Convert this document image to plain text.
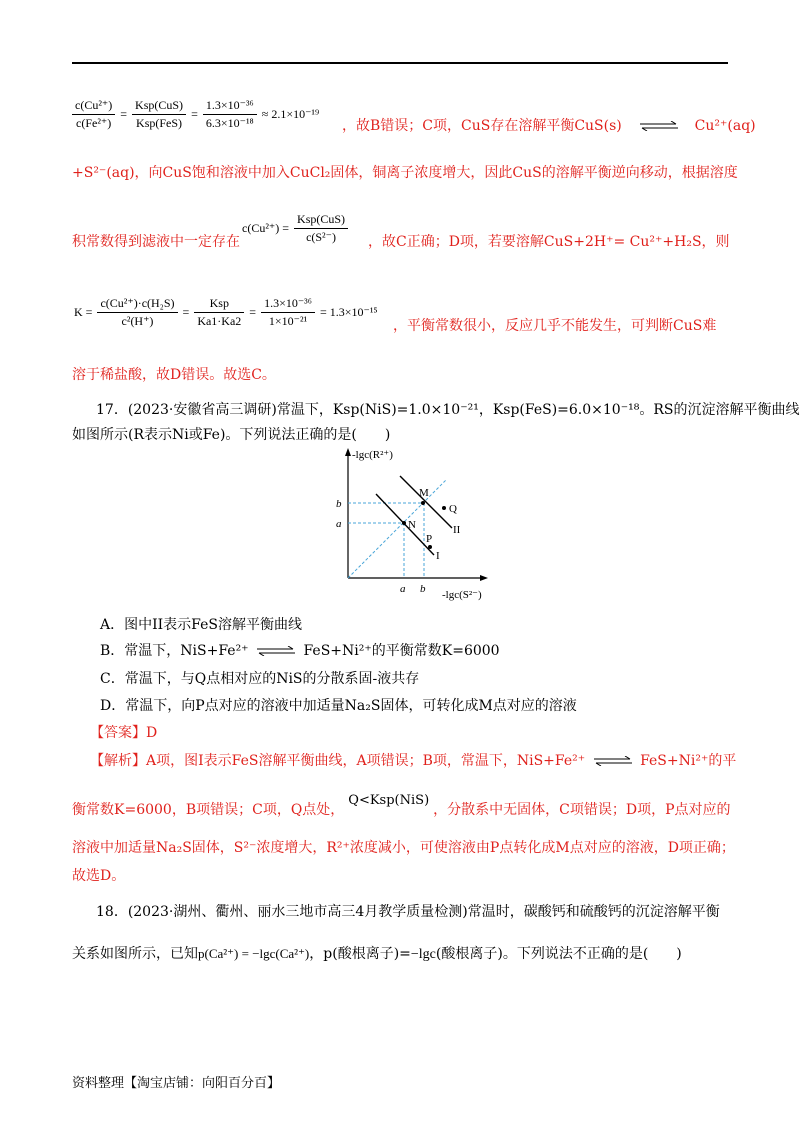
$\frac{\text{c(Cu²⁺)}}{\text{c(Fe²⁺)}} = \frac{\text{Ksp(CuS)}}{\text{Ksp(FeS)}} = \frac{\text{1.3×10⁻³⁶}}{\text{6.3×10⁻¹⁸}} \approx 2.1\times 10^{-19}$
，故B错误；C项，CuS存在溶解平衡CuS(s) ⇌ Cu²⁺(aq)
+S²⁻(aq)，向CuS饱和溶液中加入CuCl₂固体，铜离子浓度增大，因此CuS的溶解平衡逆向移动，根据溶度
积常数得到滤液中一定存在
$c(Cu^{2+}) = \frac{\text{Ksp(CuS)}}{\text{c(S²⁻)}}$ ，故C正确；D项，若要溶解CuS+2H⁺= Cu²⁺+H₂S，则
$K = \frac{\text{c(Cu²⁺)·c(H₂S)}}{\text{c²(H⁺)}} = \frac{\text{Ksp}}{Ka1\cdot Ka2} = \frac{\text{1.3×10⁻³⁶}}{\text{1×10⁻²¹}} = 1.3\times 10^{-15}$
，平衡常数很小，反应几乎不能发生，可判断CuS难
溶于稀盐酸，故D错误。故选C。
17．(2023·安徽省高三调研)常温下，Ksp(NiS)=1.0×10⁻²¹，Ksp(FeS)=6.0×10⁻¹⁸。RS的沉淀溶解平衡曲线
如图所示(R表示Ni或Fe)。下列说法正确的是(　　)
-lgc(R²⁺)
-lgc(S²⁻)
N
M
Q
P
I
II
b
a
a b
A．图中II表示FeS溶解平衡曲线
B．常温下，NiS+Fe²⁺ ⇌ FeS+Ni²⁺的平衡常数K=6000
C．常温下，与Q点相对应的NiS的分散系固-液共存
D．常温下，向P点对应的溶液中加适量Na₂S固体，可转化成M点对应的溶液
【答案】D
【解析】A项，图I表示FeS溶解平衡曲线，A项错误；B项，常温下，NiS+Fe²⁺ ⇌ FeS+Ni²⁺的平
衡常数K=6000，B项错误；C项，Q点处，Q<Ksp(NiS)，分散系中无固体，C项错误；D项，P点对应的
溶液中加适量Na₂S固体，S²⁻浓度增大，R²⁺浓度减小，可使溶液由P点转化成M点对应的溶液，D项正确；
故选D。
18．(2023·湖州、衢州、丽水三地市高三4月教学质量检测)常温时，碳酸钙和硫酸钙的沉淀溶解平衡
关系如图所示，已知p(Ca²⁺) = −lgc(Ca²⁺)，p(酸根离子)=−lgc(酸根离子)。下列说法不正确的是(　　)
资料整理【淘宝店铺：向阳百分百】
